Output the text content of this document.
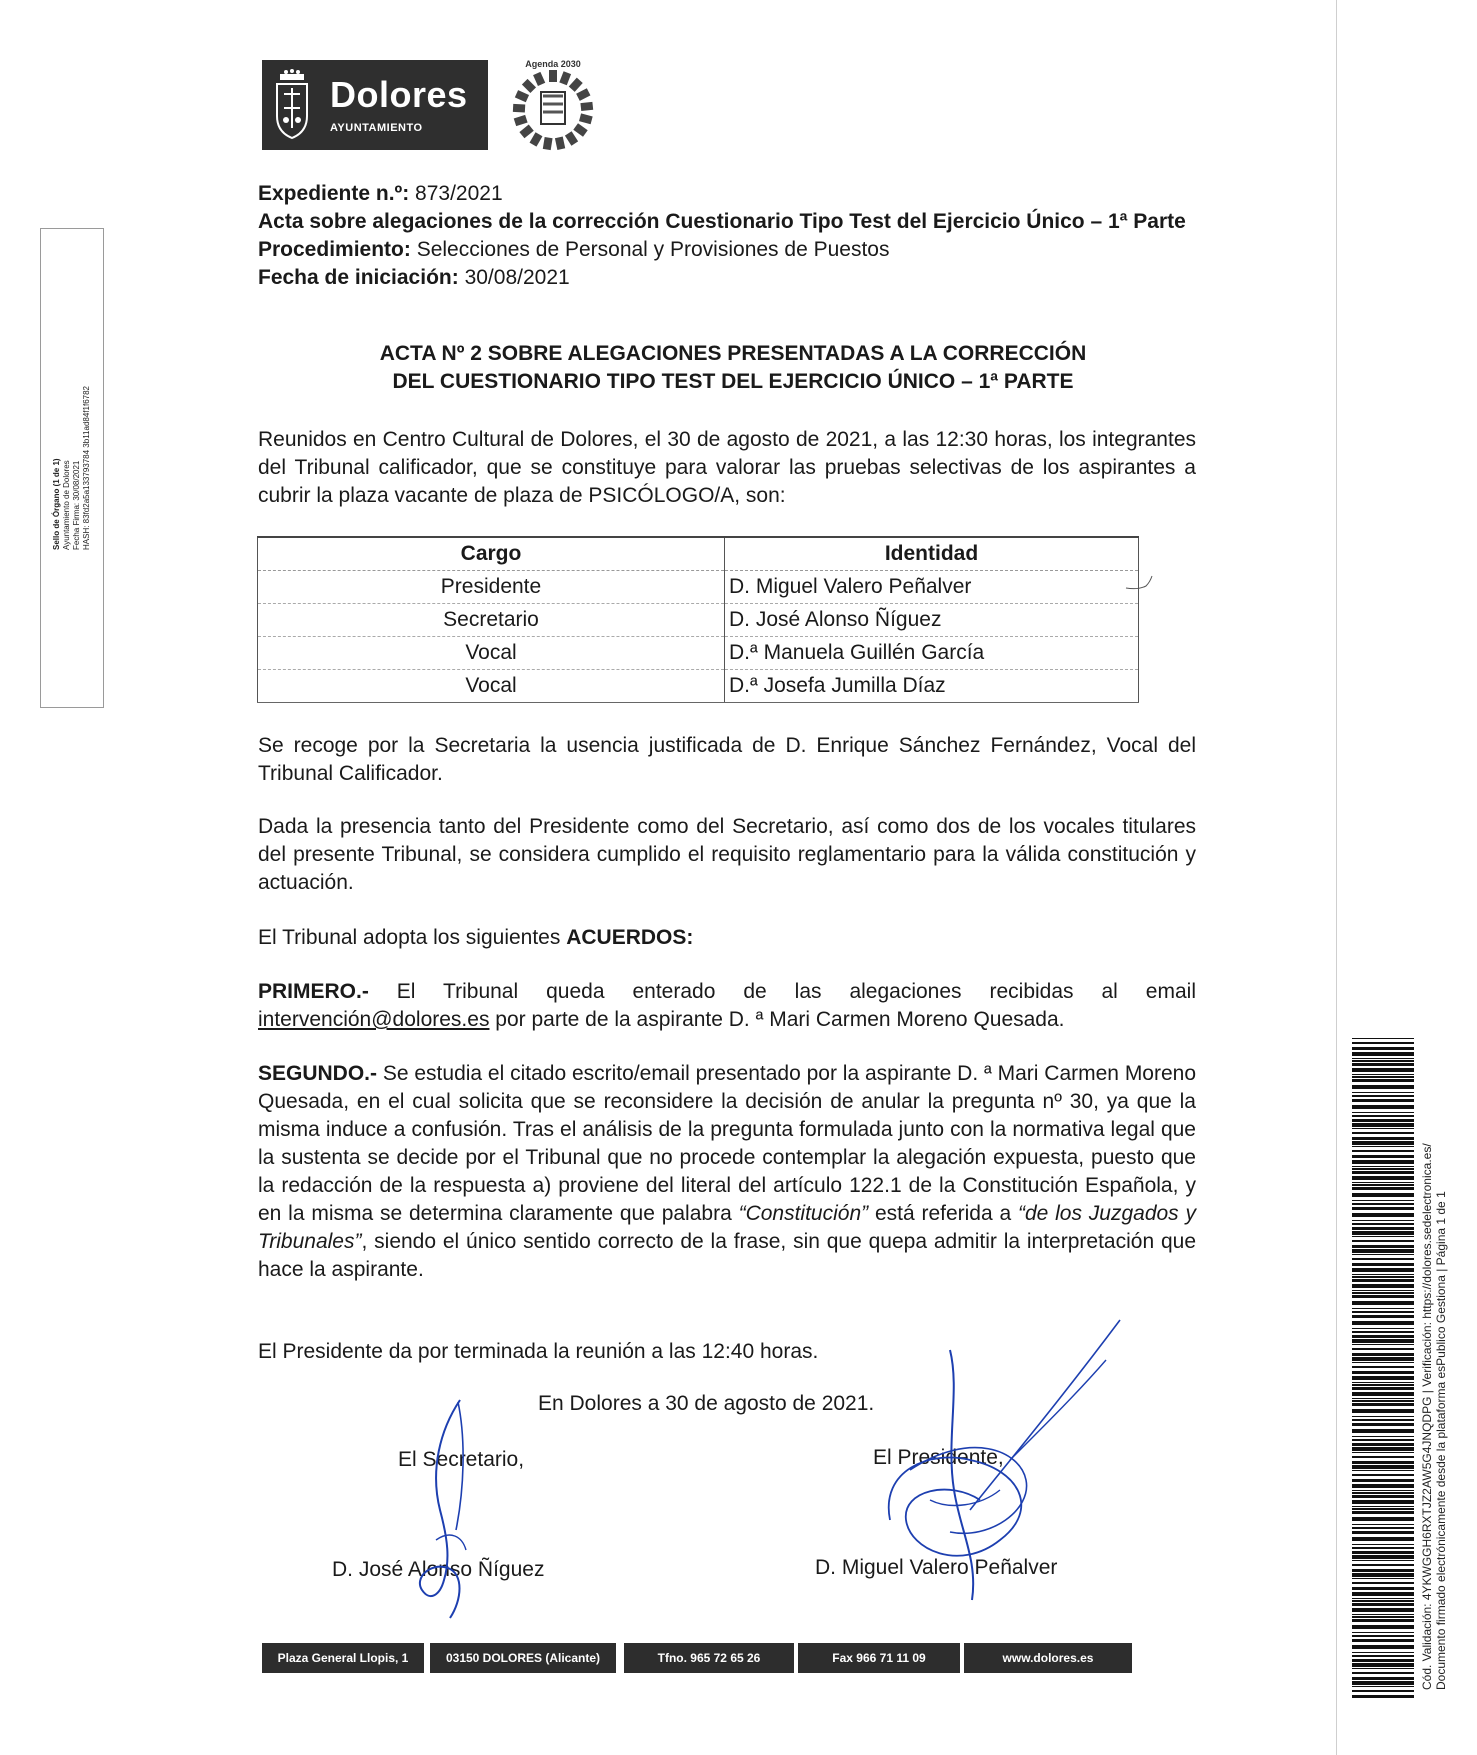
Dolores
AYUNTAMIENTO
Agenda 2030
Sello de Órgano (1 de 1) Ayuntamiento de Dolores Fecha Firma: 30/08/2021 HASH: 83fd2a5a133793784 3b11ad84f1f6782
Expediente n.º: 873/2021
Acta sobre alegaciones de la corrección Cuestionario Tipo Test del Ejercicio Único – 1ª Parte
Procedimiento: Selecciones de Personal y Provisiones de Puestos
Fecha de iniciación: 30/08/2021
ACTA Nº 2 SOBRE ALEGACIONES PRESENTADAS A LA CORRECCIÓN
DEL CUESTIONARIO TIPO TEST DEL EJERCICIO ÚNICO – 1ª PARTE
Reunidos en Centro Cultural de Dolores, el 30 de agosto de 2021, a las 12:30 horas, los integrantes del Tribunal calificador, que se constituye para valorar las pruebas selectivas de los aspirantes a cubrir la plaza vacante de plaza de PSICÓLOGO/A, son:
Cargo	Identidad
Presidente	D. Miguel Valero Peñalver
Secretario	D. José Alonso Ñíguez
Vocal	D.ª Manuela Guillén García
Vocal	D.ª Josefa Jumilla Díaz
Se recoge por la Secretaria la usencia justificada de D. Enrique Sánchez Fernández, Vocal del Tribunal Calificador.
Dada la presencia tanto del Presidente como del Secretario, así como dos de los vocales titulares del presente Tribunal, se considera cumplido el requisito reglamentario para la válida constitución y actuación.
El Tribunal adopta los siguientes ACUERDOS:
PRIMERO.- El Tribunal queda enterado de las alegaciones recibidas al email intervención@dolores.es por parte de la aspirante D. ª Mari Carmen Moreno Quesada.
SEGUNDO.- Se estudia el citado escrito/email presentado por la aspirante D. ª Mari Carmen Moreno Quesada, en el cual solicita que se reconsidere la decisión de anular la pregunta nº 30, ya que la misma induce a confusión. Tras el análisis de la pregunta formulada junto con la normativa legal que la sustenta se decide por el Tribunal que no procede contemplar la alegación expuesta, puesto que la redacción de la respuesta a) proviene del literal del artículo 122.1 de la Constitución Española, y en la misma se determina claramente que palabra “Constitución” está referida a “de los Juzgados y Tribunales”, siendo el único sentido correcto de la frase, sin que quepa admitir la interpretación que hace la aspirante.
El Presidente da por terminada la reunión a las 12:40 horas.
En Dolores a 30 de agosto de 2021.
El Secretario,
D. José Alonso Ñíguez
El Presidente,
D. Miguel Valero Peñalver
Plaza General Llopis, 1	03150 DOLORES (Alicante)	Tfno. 965 72 65 26	Fax 966 71 11 09	www.dolores.es	Cód. Validación: 4YKWGGH6RXTJZ2AW5G4JNQDPG | Verificación: https://dolores.sedelectronica.es/ Documento firmado electrónicamente desde la plataforma esPublico Gestiona | Página 1 de 1
